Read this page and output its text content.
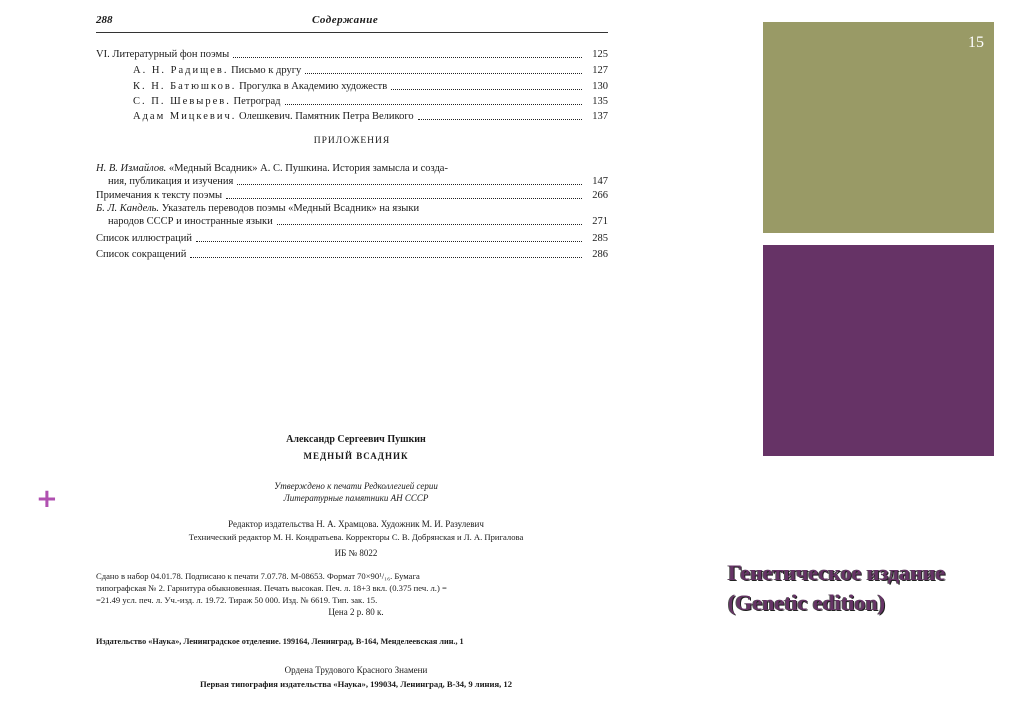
288	Содержание
VI. Литературный фон поэмы	125
А. Н. Радищев. Письмо к другу	127
К. Н. Батюшков. Прогулка в Академию художеств	130
С. П. Шевырев. Петроград	135
Адам Мицкевич. Олешкевич. Памятник Петра Великого	137
ПРИЛОЖЕНИЯ
Н. В. Измайлов. «Медный Всадник» А. С. Пушкина. История замысла и созда-
ния, публикация и изучения	147
Примечания к тексту поэмы	266
Б. Л. Кандель. Указатель переводов поэмы «Медный Всадник» на языки
народов СССР и иностранные языки	271
Список иллюстраций	285
Список сокращений	286
Александр Сергеевич Пушкин
МЕДНЫЙ ВСАДНИК
Утверждено к печати Редколлегией серии
Литературные памятники АН СССР
Редактор издательства Н. А. Храмцова. Художник М. И. Разулевич
Технический редактор М. Н. Кондратьева. Корректоры С. В. Добрянская и Л. А. Пригалова
ИБ № 8022
Сдано в набор 04.01.78. Подписано к печати 7.07.78. М-08653. Формат 70×90¹/₁₆. Бумага
типографская № 2. Гарнитура обыкновенная. Печать высокая. Печ. л. 18+3 вкл. (0.375 печ. л.) =
=21.49 усл. печ. л. Уч.-изд. л. 19.72. Тираж 50 000. Изд. № 6619. Тип. зак. 15.
Цена 2 р. 80 к.
Издательство «Наука», Ленинградское отделение. 199164, Ленинград, В-164, Менделеевская лин., 1
Ордена Трудового Красного Знамени
Первая типография издательства «Наука», 199034, Ленинград, В-34, 9 линия, 12
+
15
Генетическое издание
(Genetic edition)
